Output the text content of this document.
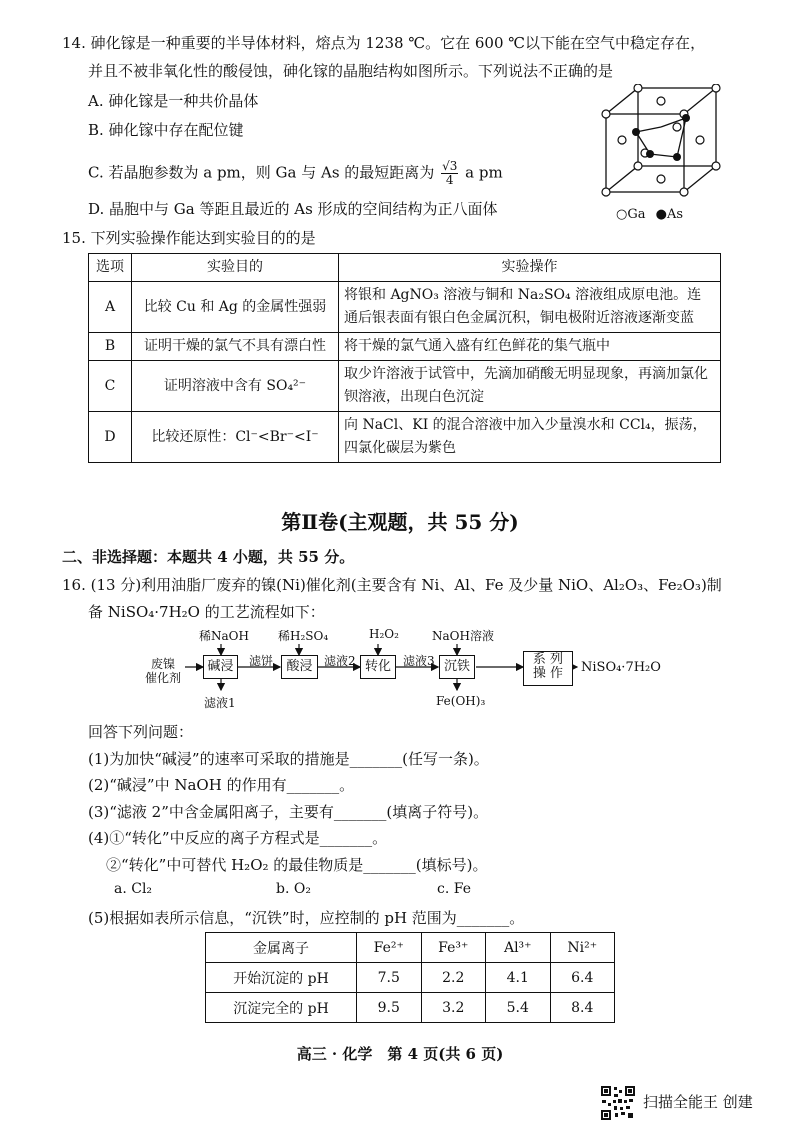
14. 砷化镓是一种重要的半导体材料，熔点为 1238 ℃。它在 600 ℃以下能在空气中稳定存在，
并且不被非氧化性的酸侵蚀，砷化镓的晶胞结构如图所示。下列说法不正确的是
A. 砷化镓是一种共价晶体
B. 砷化镓中存在配位键
C. 若晶胞参数为 a pm，则 Ga 与 As 的最短距离为 $\frac{√3}{4}$ a pm
D. 晶胞中与 Ga 等距且最近的 As 形成的空间结构为正八面体	○Ga ●As
15. 下列实验操作能达到实验目的的是
选项	实验目的	实验操作
A	比较 Cu 和 Ag 的金属性强弱	将银和 AgNO₃ 溶液与铜和 Na₂SO₄ 溶液组成原电池。连通后银表面有银白色金属沉积，铜电极附近溶液逐渐变蓝
B	证明干燥的氯气不具有漂白性	将干燥的氯气通入盛有红色鲜花的集气瓶中
C	证明溶液中含有 SO₄²⁻	取少许溶液于试管中，先滴加硝酸无明显现象，再滴加氯化钡溶液，出现白色沉淀
D	比较还原性：Cl⁻<Br⁻<I⁻	向 NaCl、KI 的混合溶液中加入少量溴水和 CCl₄，振荡，四氯化碳层为紫色
第Ⅱ卷(主观题，共 55 分)
二、非选择题：本题共 4 小题，共 55 分。
16. (13 分)利用油脂厂废弃的镍(Ni)催化剂(主要含有 Ni、Al、Fe 及少量 NiO、Al₂O₃、Fe₂O₃)制
备 NiSO₄·7H₂O 的工艺流程如下：
废镍
催化剂
碱浸	酸浸	转化	沉铁	系 列
操 作
稀NaOH 稀H₂SO₄	H₂O₂	NaOH溶液
滤饼	滤液2	滤液3
滤液1	Fe(OH)₃
NiSO₄·7H₂O
回答下列问题：
(1)为加快“碱浸”的速率可采取的措施是_______(任写一条)。
(2)“碱浸”中 NaOH 的作用有_______。
(3)“滤液 2”中含金属阳离子，主要有_______(填离子符号)。
(4)①“转化”中反应的离子方程式是_______。
②“转化”中可替代 H₂O₂ 的最佳物质是_______(填标号)。
a. Cl₂	b. O₂	c. Fe
(5)根据如表所示信息，“沉铁”时，应控制的 pH 范围为_______。
金属离子	Fe²⁺	Fe³⁺	Al³⁺	Ni²⁺
开始沉淀的 pH	7.5	2.2	4.1	6.4
沉淀完全的 pH	9.5	3.2	5.4	8.4
高三 · 化学　第 4 页(共 6 页)
扫描全能王 创建
